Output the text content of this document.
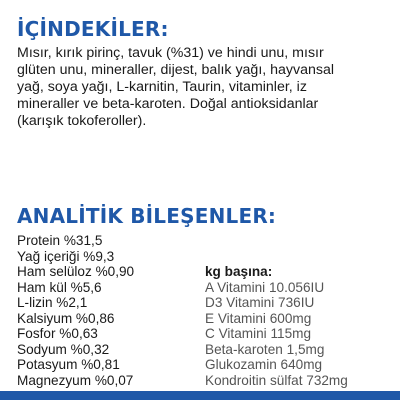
İÇİNDEKİLER:

Mısır, kırık pirinç, tavuk (%31) ve hindi unu, mısır
glüten unu, mineraller, dijest, balık yağı, hayvansal
yağ, soya yağı, L-karnitin, Taurin, vitaminler, iz
mineraller ve beta-karoten. Doğal antioksidanlar
(karışık tokoferoller).

ANALİTİK BİLEŞENLER:
Protein %31,5
Yağ içeriği %9,3
Ham selüloz %0,90
Ham kül %5,6
L-lizin %2,1
Kalsiyum %0,86
Fosfor %0,63
Sodyum %0,32
Potasyum %0,81
Magnezyum %0,07
kg başına:
A Vitamini 10.056IU
D3 Vitamini 736IU
E Vitamini 600mg
C Vitamini 115mg
Beta-karoten 1,5mg
Glukozamin 640mg
Kondroitin sülfat 732mg
